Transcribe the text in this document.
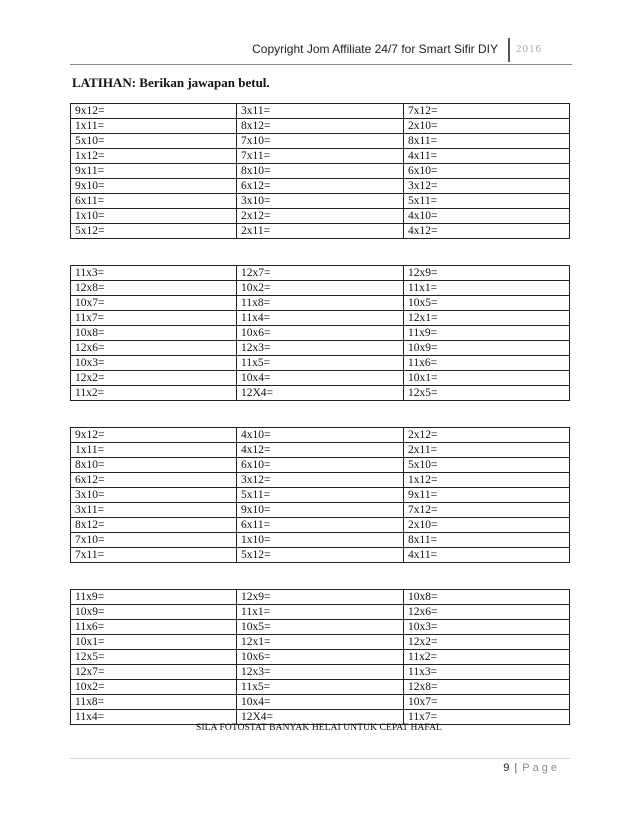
Copyright Jom Affiliate 24/7 for Smart Sifir DIY 2016
LATIHAN: Berikan jawapan betul.
9x12=	3x11=	7x12=
1x11=	8x12=	2x10=
5x10=	7x10=	8x11=
1x12=	7x11=	4x11=
9x11=	8x10=	6x10=
9x10=	6x12=	3x12=
6x11=	3x10=	5x11=
1x10=	2x12=	4x10=
5x12=	2x11=	4x12=
11x3=	12x7=	12x9=
12x8=	10x2=	11x1=
10x7=	11x8=	10x5=
11x7=	11x4=	12x1=
10x8=	10x6=	11x9=
12x6=	12x3=	10x9=
10x3=	11x5=	11x6=
12x2=	10x4=	10x1=
11x2=	12X4=	12x5=
9x12=	4x10=	2x12=
1x11=	4x12=	2x11=
8x10=	6x10=	5x10=
6x12=	3x12=	1x12=
3x10=	5x11=	9x11=
3x11=	9x10=	7x12=
8x12=	6x11=	2x10=
7x10=	1x10=	8x11=
7x11=	5x12=	4x11=
11x9=	12x9=	10x8=
10x9=	11x1=	12x6=
11x6=	10x5=	10x3=
10x1=	12x1=	12x2=
12x5=	10x6=	11x2=
12x7=	12x3=	11x3=
10x2=	11x5=	12x8=
11x8=	10x4=	10x7=
11x4=	12X4=	11x7=
SILA FOTOSTAT BANYAK HELAI UNTUK CEPAT HAFAL
9 | Page
